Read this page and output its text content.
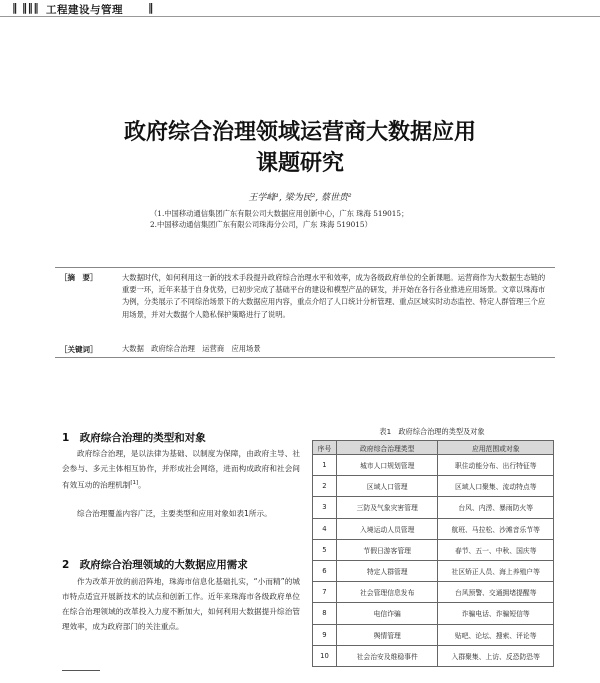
‖ ‖‖‖ 工程建设与管理 ‖
政府综合治理领域运营商大数据应用
课题研究
王学峰¹, 梁为民², 蔡世贵²
（1.中国移动通信集团广东有限公司大数据应用创新中心，广东 珠海 519015；
2.中国移动通信集团广东有限公司珠海分公司，广东 珠海 519015）
［摘　要］	大数据时代，如何利用这一新的技术手段提升政府综合治理水平和效率，成为各级政府单位的全新课题。运营商作为大数据生态链的重要一环，近年来基于自身优势，已初步完成了基础平台的建设和模型产品的研发，并开始在各行各业推进应用场景。文章以珠海市为例，分类展示了不同综治场景下的大数据应用内容，重点介绍了人口统计分析管理、重点区域实时动态监控、特定人群管理三个应用场景，并对大数据个人隐私保护策略进行了说明。
［关键词］	大数据　政府综合治理　运营商　应用场景
1　政府综合治理的类型和对象
政府综合治理，是以法律为基础、以制度为保障，由政府主导、社会参与、多元主体相互协作，并形成社会网络，进而构成政府和社会间有效互动的治理机制[1]。
综合治理覆盖内容广泛，主要类型和应用对象如表1所示。
2　政府综合治理领域的大数据应用需求
作为改革开放的前沿阵地，珠海市信息化基础扎实，“小而精”的城市特点适宜开展新技术的试点和创新工作。近年来珠海市各级政府单位在综合治理领域的改革投入力度不断加大，如何利用大数据提升综治管理效率，成为政府部门的关注重点。
表1　政府综合治理的类型及对象
序号	政府综合治理类型	应用范围或对象
1	城市人口规划管理	职住动能分布、出行特征等
2	区域人口管理	区域人口聚集、流动特点等
3	三防及气象灾害管理	台风、内涝、暴雨防火等
4	入境运动人员管理	航班、马拉松、沙滩音乐节等
5	节假日游客管理	春节、五一、中秋、国庆等
6	特定人群管理	社区矫正人员、海上养殖户等
7	社会管理信息发布	台风预警、交通拥堵提醒等
8	电信诈骗	诈骗电话、诈骗短信等
9	舆情管理	贴吧、论坛、搜索、评论等
10	社会治安及维稳事件	入群聚集、上访、反恐防恐等
